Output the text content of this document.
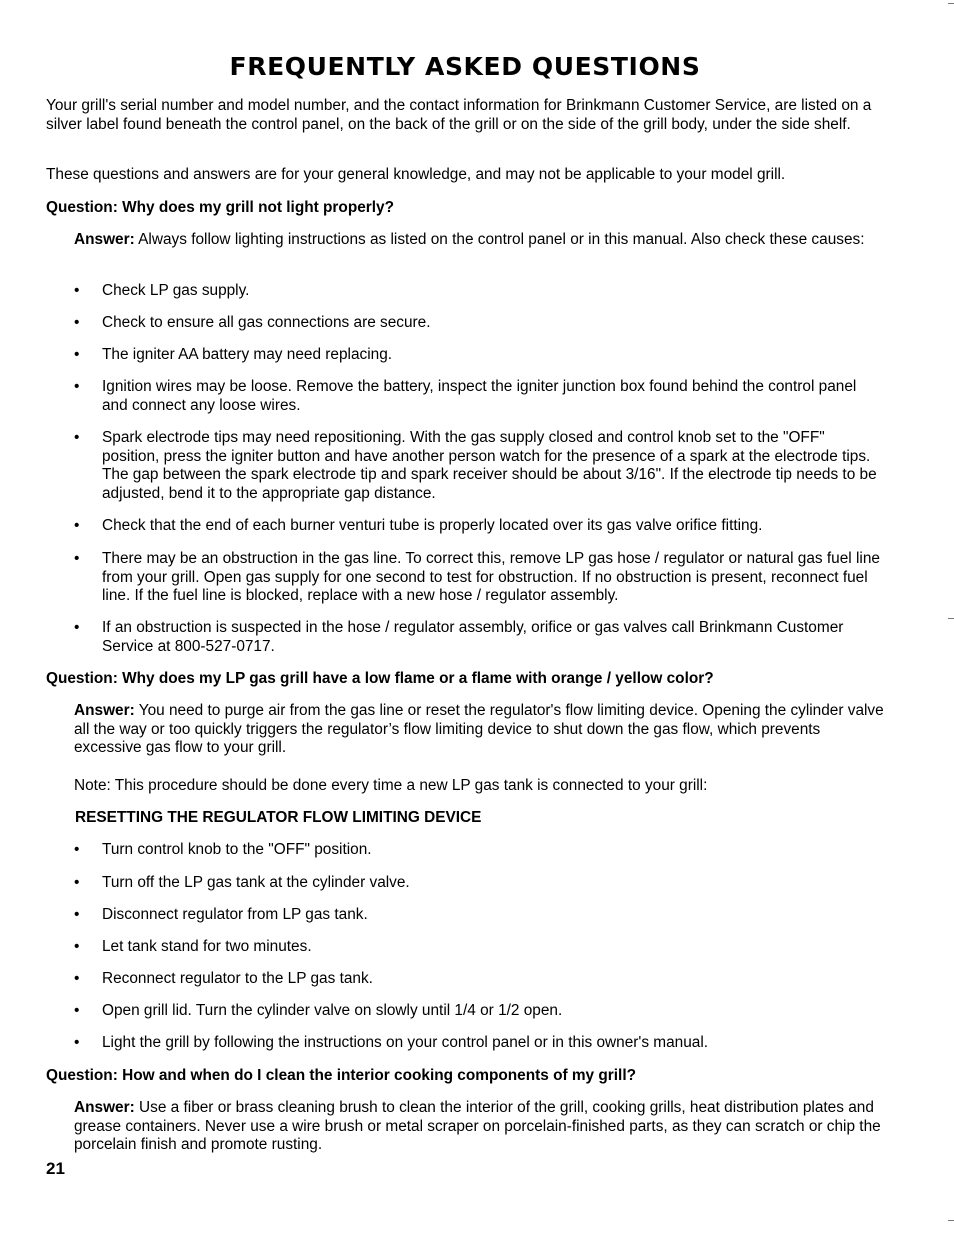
FREQUENTLY ASKED QUESTIONS

Your grill's serial number and model number, and the contact information for Brinkmann Customer Service, are listed on a silver label found beneath the control panel, on the back of the grill or on the side of the grill body, under the side shelf.

These questions and answers are for your general knowledge, and may not be applicable to your model grill.

Question: Why does my grill not light properly?

Answer: Always follow lighting instructions as listed on the control panel or in this manual. Also check these causes:

• Check LP gas supply.
• Check to ensure all gas connections are secure.
• The igniter AA battery may need replacing.
• Ignition wires may be loose. Remove the battery, inspect the igniter junction box found behind the control panel and connect any loose wires.
• Spark electrode tips may need repositioning. With the gas supply closed and control knob set to the "OFF" position, press the igniter button and have another person watch for the presence of a spark at the electrode tips. The gap between the spark electrode tip and spark receiver should be about 3/16". If the electrode tip needs to be adjusted, bend it to the appropriate gap distance.
• Check that the end of each burner venturi tube is properly located over its gas valve orifice fitting.
• There may be an obstruction in the gas line. To correct this, remove LP gas hose / regulator or natural gas fuel line from your grill. Open gas supply for one second to test for obstruction. If no obstruction is present, reconnect fuel line. If the fuel line is blocked, replace with a new hose / regulator assembly.
• If an obstruction is suspected in the hose / regulator assembly, orifice or gas valves call Brinkmann Customer Service at 800-527-0717.

Question: Why does my LP gas grill have a low flame or a flame with orange / yellow color?

Answer: You need to purge air from the gas line or reset the regulator's flow limiting device. Opening the cylinder valve all the way or too quickly triggers the regulator’s flow limiting device to shut down the gas flow, which prevents excessive gas flow to your grill.

Note: This procedure should be done every time a new LP gas tank is connected to your grill:

RESETTING THE REGULATOR FLOW LIMITING DEVICE

• Turn control knob to the "OFF" position.
• Turn off the LP gas tank at the cylinder valve.
• Disconnect regulator from LP gas tank.
• Let tank stand for two minutes.
• Reconnect regulator to the LP gas tank.
• Open grill lid. Turn the cylinder valve on slowly until 1/4 or 1/2 open.
• Light the grill by following the instructions on your control panel or in this owner's manual.

Question: How and when do I clean the interior cooking components of my grill?

Answer: Use a fiber or brass cleaning brush to clean the interior of the grill, cooking grills, heat distribution plates and grease containers. Never use a wire brush or metal scraper on porcelain-finished parts, as they can scratch or chip the porcelain finish and promote rusting.

21
